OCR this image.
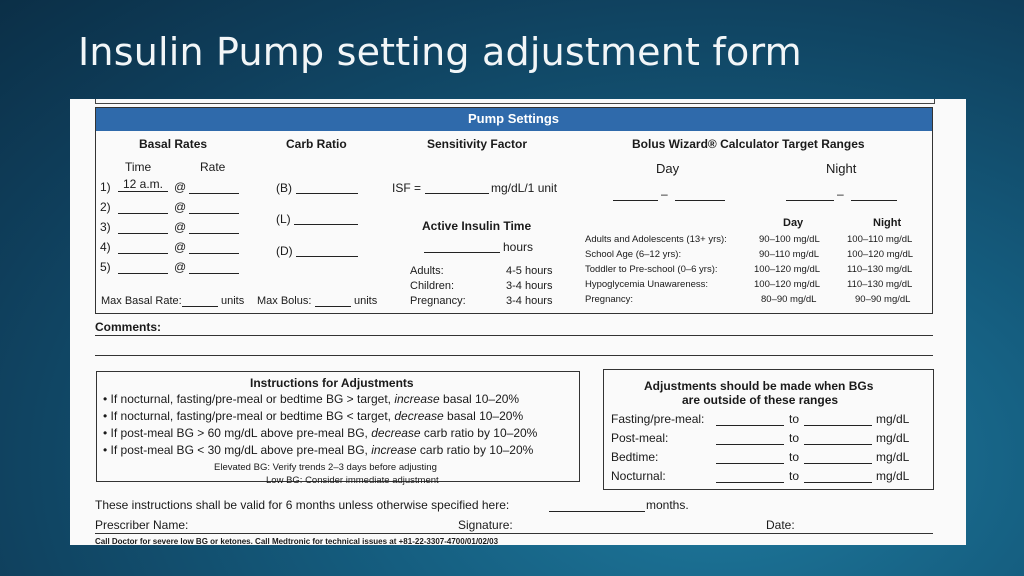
Insulin Pump setting adjustment form
Pump Settings
Basal Rates
Time	Rate
1)	12 a.m. @
2)	@
3)	@
4)	@
5)	@
Max Basal Rate:	units
Carb Ratio
(B)
(L)
(D)
Max Bolus:	units
Sensitivity Factor
ISF =	mg/dL/1 unit
Active Insulin Time
hours
Adults:	4-5 hours
Children:	3-4 hours
Pregnancy:	3-4 hours
Bolus Wizard® Calculator Target Ranges
Day	Night
–	–
Day	Night
Adults and Adolescents (13+ yrs):	90–100 mg/dL	100–110 mg/dL
School Age (6–12 yrs):	90–110 mg/dL	100–120 mg/dL
Toddler to Pre-school (0–6 yrs):	100–120 mg/dL	110–130 mg/dL
Hypoglycemia Unawareness:	100–120 mg/dL	110–130 mg/dL
Pregnancy:	80–90 mg/dL	90–90 mg/dL
Comments:
Instructions for Adjustments
• If nocturnal, fasting/pre-meal or bedtime BG > target, increase basal 10–20%
• If nocturnal, fasting/pre-meal or bedtime BG < target, decrease basal 10–20%
• If post-meal BG > 60 mg/dL above pre-meal BG, decrease carb ratio by 10–20%
• If post-meal BG < 30 mg/dL above pre-meal BG, increase carb ratio by 10–20%
Elevated BG: Verify trends 2–3 days before adjusting
Low BG: Consider immediate adjustment
Adjustments should be made when BGs
are outside of these ranges
Fasting/pre-meal:	to	mg/dL
Post-meal:	to	mg/dL
Bedtime:	to	mg/dL
Nocturnal:	to	mg/dL
These instructions shall be valid for 6 months unless otherwise specified here:	months.
Prescriber Name:	Signature:	Date:
Call Doctor for severe low BG or ketones. Call Medtronic for technical issues at +81-22-3307-4700/01/02/03
